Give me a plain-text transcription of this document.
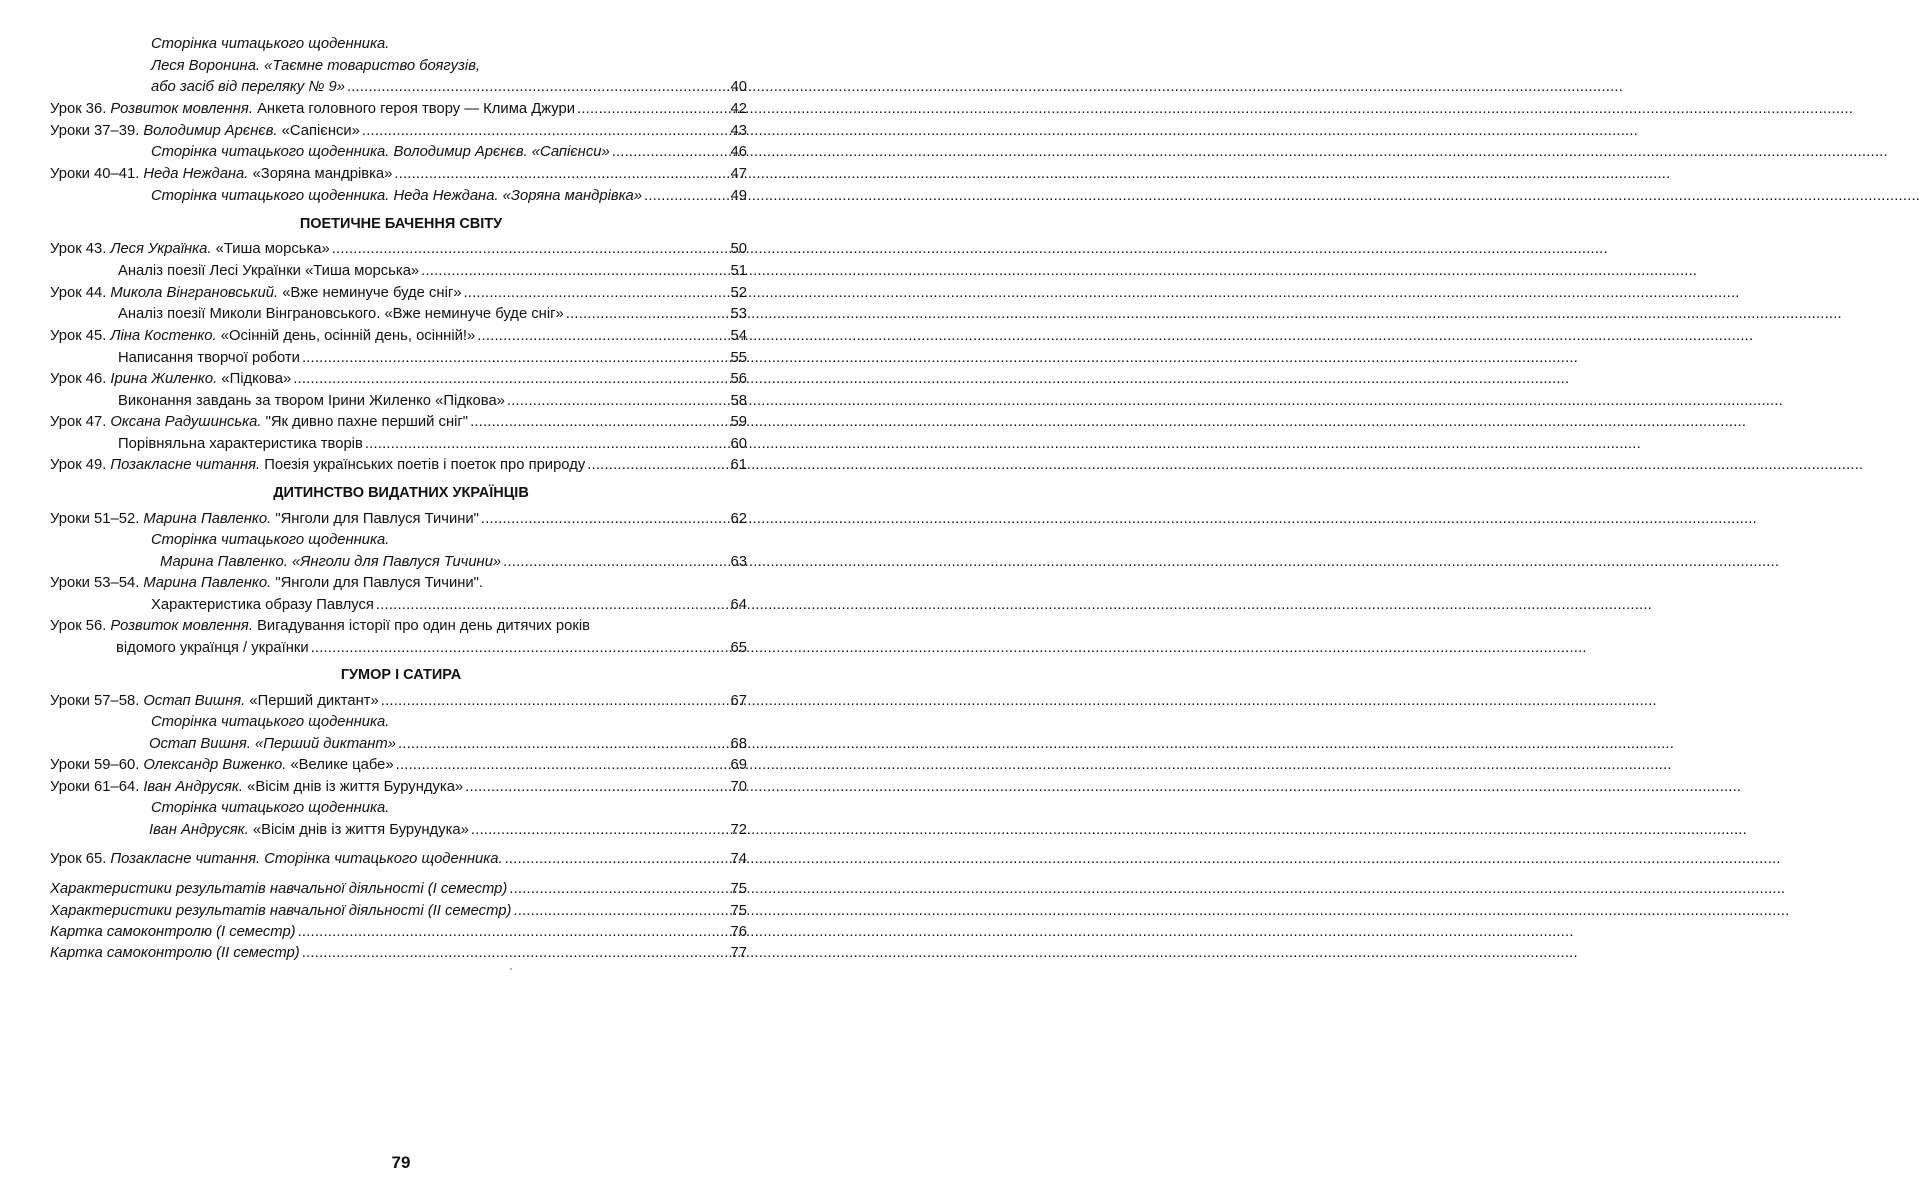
Сторінка читацького щоденника.
Леся Воронина. «Таємне товариство боягузів,
або засіб від переляку № 9» .....	40
Урок 36. Розвиток мовлення. Анкета головного героя твору — Клима Джури .....	42
Уроки 37–39. Володимир Арєнєв. «Сапієнси» .....	43
Сторінка читацького щоденника. Володимир Арєнєв. «Сапієнси» .....	46
Уроки 40–41. Неда Неждана. «Зоряна мандрівка» .....	47
Сторінка читацького щоденника. Неда Неждана. «Зоряна мандрівка» .....	49
ПОЕТИЧНЕ БАЧЕННЯ СВІТУ
Урок 43. Леся Українка. «Тиша морська» .....	50
Аналіз поезії Лесі Українки «Тиша морська» .....	51
Урок 44. Микола Вінграновський. «Вже неминуче буде сніг» .....	52
Аналіз поезії Миколи Вінграновського. «Вже неминуче буде сніг» .....	53
Урок 45. Ліна Костенко. «Осінній день, осінній день, осінній!» .....	54
Написання творчої роботи .....	55
Урок 46. Ірина Жиленко. «Підкова» .....	56
Виконання завдань за твором Ірини Жиленко «Підкова» .....	58
Урок 47. Оксана Радушинська. "Як дивно пахне перший сніг" .....	59
Порівняльна характеристика творів .....	60
Урок 49. Позакласне читання. Поезія українських поетів і поеток про природу .....	61
ДИТИНСТВО ВИДАТНИХ УКРАЇНЦІВ
Уроки 51–52. Марина Павленко. "Янголи для Павлуся Тичини" .....	62
Сторінка читацького щоденника.
Марина Павленко. «Янголи для Павлуся Тичини» .....	63
Уроки 53–54. Марина Павленко. "Янголи для Павлуся Тичини".
Характеристика образу Павлуся .....	64
Урок 56. Розвиток мовлення. Вигадування історії про один день дитячих років
відомого українця / українки .....	65
ГУМОР І САТИРА
Уроки 57–58. Остап Вишня. «Перший диктант» .....	67
Сторінка читацького щоденника.
Остап Вишня. «Перший диктант» .....	68
Уроки 59–60. Олександр Виженко. «Велике цабе» .....	69
Уроки 61–64. Іван Андрусяк. «Вісім днів із життя Бурундука» .....	70
Сторінка читацького щоденника.
Іван Андрусяк. «Вісім днів із життя Бурундука» .....	72
Урок 65. Позакласне читання. Сторінка читацького щоденника. .....	74
Характеристики результатів навчальної діяльності (І семестр) .....	75
Характеристики результатів навчальної діяльності (ІІ семестр) .....	75
Картка самоконтролю (І семестр) .....	76
Картка самоконтролю (ІІ семестр) .....	77
79
